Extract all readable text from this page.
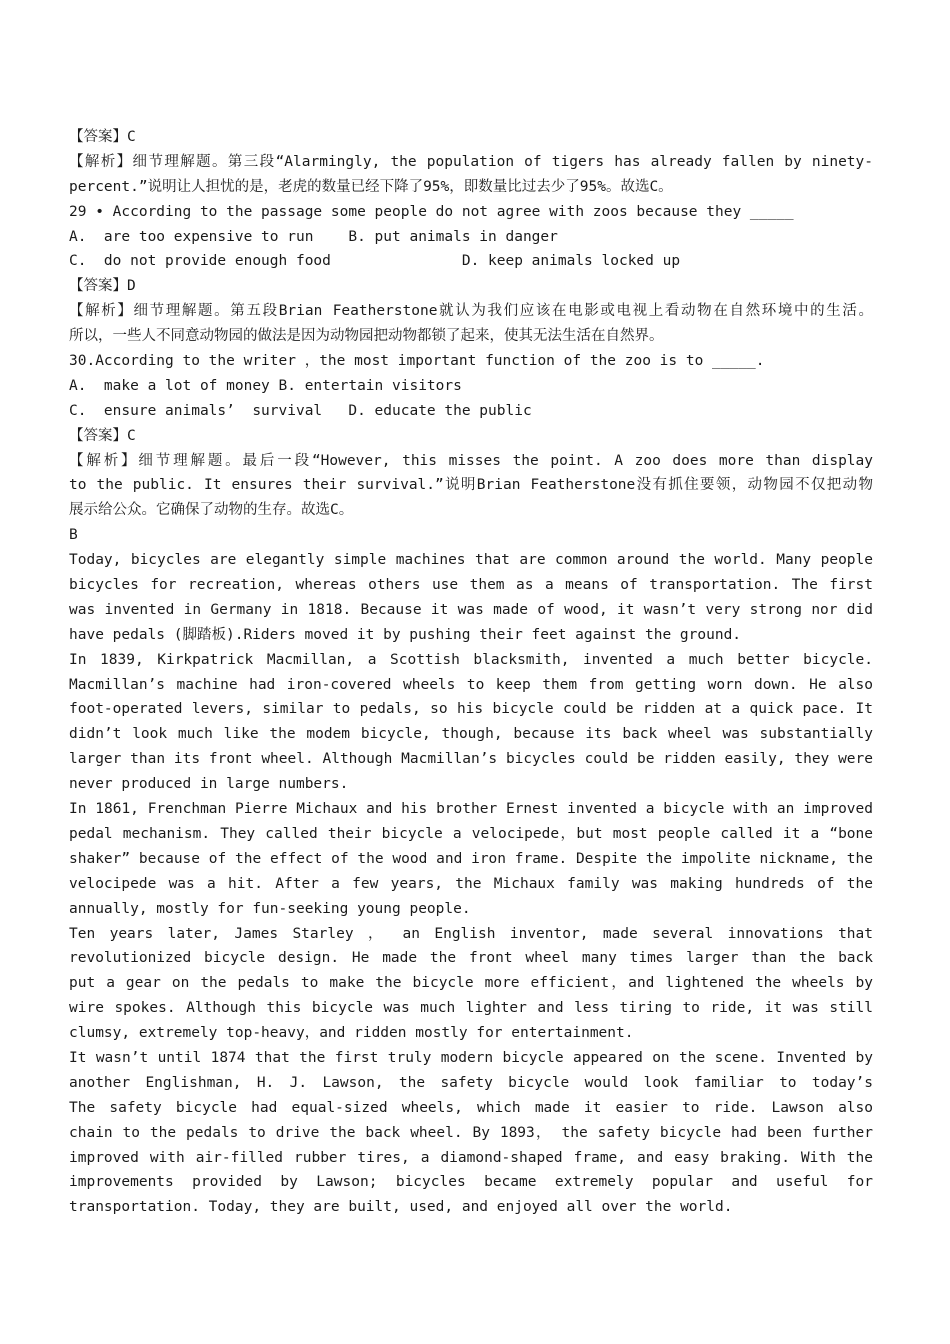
【答案】C
【解析】细节理解题。第三段“Alarmingly, the population of tigers has already fallen by ninety-
percent.”说明让人担忧的是，老虎的数量已经下降了95%，即数量比过去少了95%。故选C。
29 • According to the passage some people do not agree with zoos because they _____
A.  are too expensive to run    B. put animals in danger
C.  do not provide enough food               D. keep animals locked up
【答案】D
【解析】细节理解题。第五段Brian Featherstone就认为我们应该在电影或电视上看动物在自然环境中的生活。
所以，一些人不同意动物园的做法是因为动物园把动物都锁了起来，使其无法生活在自然界。
30.According to the writer ，the most important function of the zoo is to _____.
A.  make a lot of money B. entertain visitors
C.  ensure animals’  survival   D. educate the public
【答案】C
【解析】细节理解题。最后一段“However, this misses the point. A zoo does more than display
to the public. It ensures their survival.”说明Brian Featherstone没有抓住要领，动物园不仅把动物
展示给公众。它确保了动物的生存。故选C。
B
Today, bicycles are elegantly simple machines that are common around the world. Many people
bicycles for recreation, whereas others use them as a means of transportation. The first
was invented in Germany in 1818. Because it was made of wood, it wasn’t very strong nor did
have pedals (脚踏板).Riders moved it by pushing their feet against the ground.
In 1839, Kirkpatrick Macmillan, a Scottish blacksmith, invented a much better bicycle.
Macmillan’s machine had iron-covered wheels to keep them from getting worn down. He also
foot-operated levers, similar to pedals, so his bicycle could be ridden at a quick pace. It
didn’t look much like the modem bicycle, though, because its back wheel was substantially
larger than its front wheel. Although Macmillan’s bicycles could be ridden easily, they were
never produced in large numbers.
In 1861, Frenchman Pierre Michaux and his brother Ernest invented a bicycle with an improved
pedal mechanism. They called their bicycle a velocipede，but most people called it a “bone
shaker” because of the effect of the wood and iron frame. Despite the impolite nickname, the
velocipede was a hit. After a few years, the Michaux family was making hundreds of the
annually, mostly for fun-seeking young people.
Ten years later, James Starley ， an English inventor, made several innovations that
revolutionized bicycle design. He made the front wheel many times larger than the back
put a gear on the pedals to make the bicycle more efficient，and lightened the wheels by
wire spokes. Although this bicycle was much lighter and less tiring to ride, it was still
clumsy, extremely top-heavy，and ridden mostly for entertainment.
It wasn’t until 1874 that the first truly modern bicycle appeared on the scene. Invented by
another Englishman, H. J. Lawson, the safety bicycle would look familiar to today’s
The safety bicycle had equal-sized wheels, which made it easier to ride. Lawson also
chain to the pedals to drive the back wheel. By 1893， the safety bicycle had been further
improved with air-filled rubber tires, a diamond-shaped frame, and easy braking. With the
improvements provided by Lawson; bicycles became extremely popular and useful for
transportation. Today, they are built, used, and enjoyed all over the world.
